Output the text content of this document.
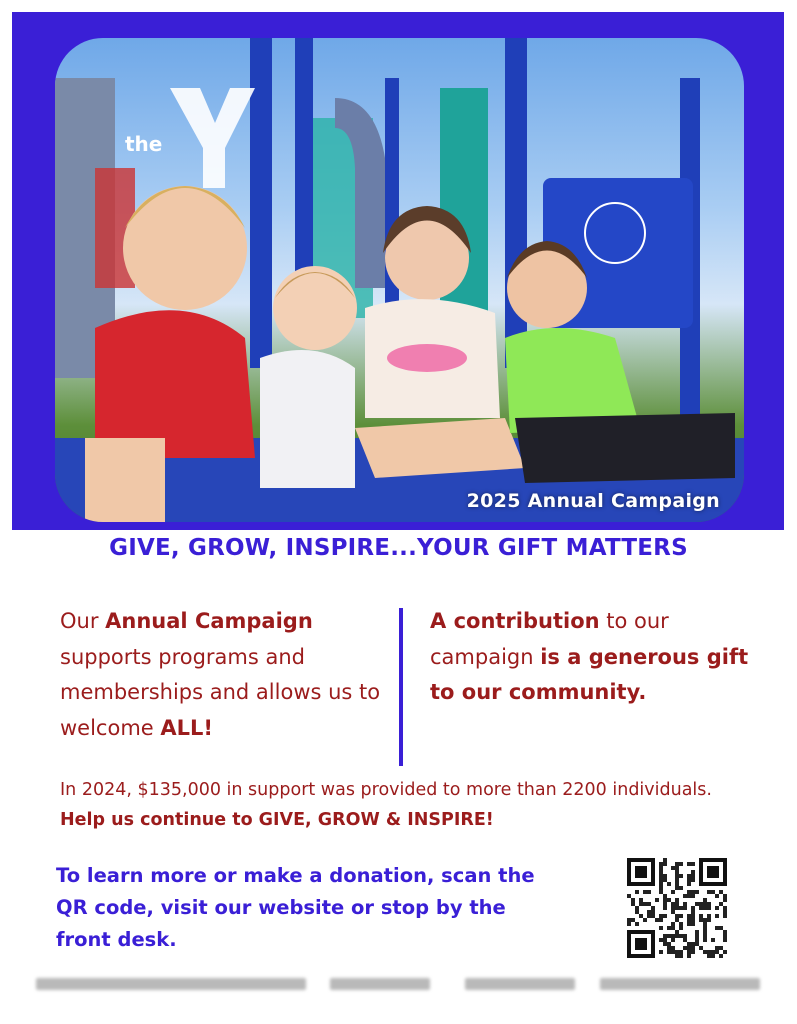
the
2025 Annual Campaign
GIVE, GROW, INSPIRE...YOUR GIFT MATTERS
Our Annual Campaign supports programs and memberships and allows us to welcome ALL!
A contribution to our campaign is a generous gift to our community.
In 2024, $135,000 in support was provided to more than 2200 individuals. Help us continue to GIVE, GROW & INSPIRE!
To learn more or make a donation, scan the QR code, visit our website or stop by the front desk.
